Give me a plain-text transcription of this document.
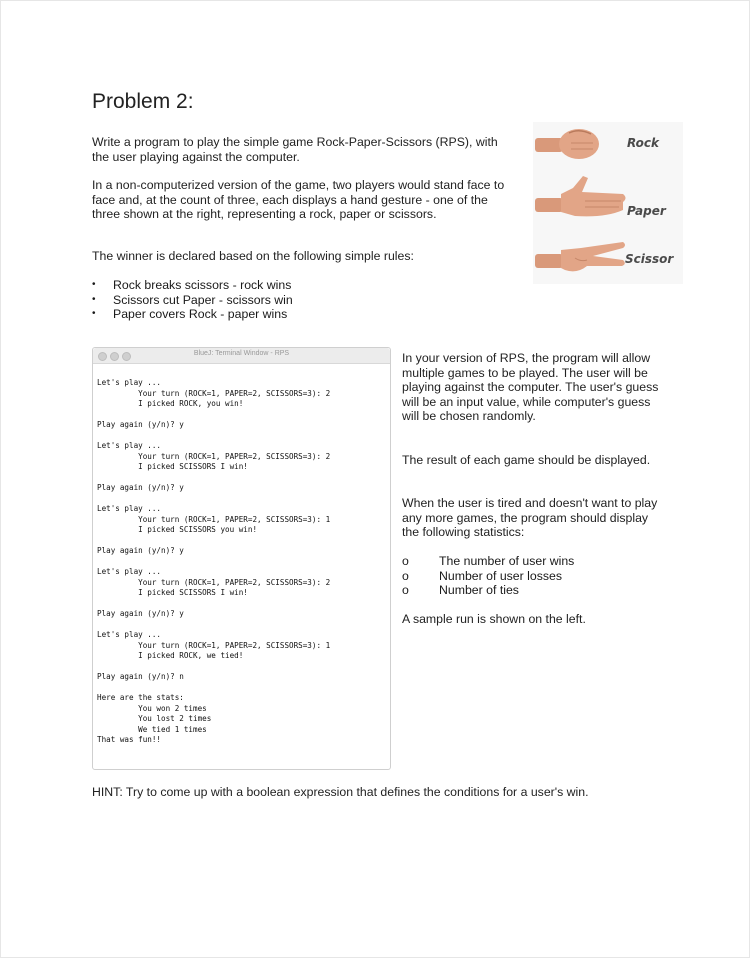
Problem 2:
Write a program to play the simple game Rock-Paper-Scissors (RPS), with the user playing against the computer.
In a non-computerized version of the game, two players would stand face to face and, at the count of three, each displays a hand gesture - one of the three shown at the right, representing a rock, paper or scissors.
The winner is declared based on the following simple rules:
• Rock breaks scissors - rock wins
• Scissors cut Paper - scissors win
• Paper covers Rock - paper wins
Rock
Paper
Scissor
BlueJ: Terminal Window - RPS
Let's play ...
Your turn (ROCK=1, PAPER=2, SCISSORS=3): 2
I picked ROCK, you win!

Play again (y/n)? y

Let's play ...
Your turn (ROCK=1, PAPER=2, SCISSORS=3): 2
I picked SCISSORS I win!

Play again (y/n)? y

Let's play ...
Your turn (ROCK=1, PAPER=2, SCISSORS=3): 1
I picked SCISSORS you win!

Play again (y/n)? y

Let's play ...
Your turn (ROCK=1, PAPER=2, SCISSORS=3): 2
I picked SCISSORS I win!

Play again (y/n)? y

Let's play ...
Your turn (ROCK=1, PAPER=2, SCISSORS=3): 1
I picked ROCK, we tied!

Play again (y/n)? n

Here are the stats:
You won 2 times
You lost 2 times
We tied 1 times
That was fun!!
In your version of RPS, the program will allow multiple games to be played. The user will be playing against the computer. The user's guess will be an input value, while computer's guess will be chosen randomly.
The result of each game should be displayed.
When the user is tired and doesn't want to play any more games, the program should display the following statistics:
o The number of user wins
o Number of user losses
o Number of ties
A sample run is shown on the left.
HINT: Try to come up with a boolean expression that defines the conditions for a user's win.
